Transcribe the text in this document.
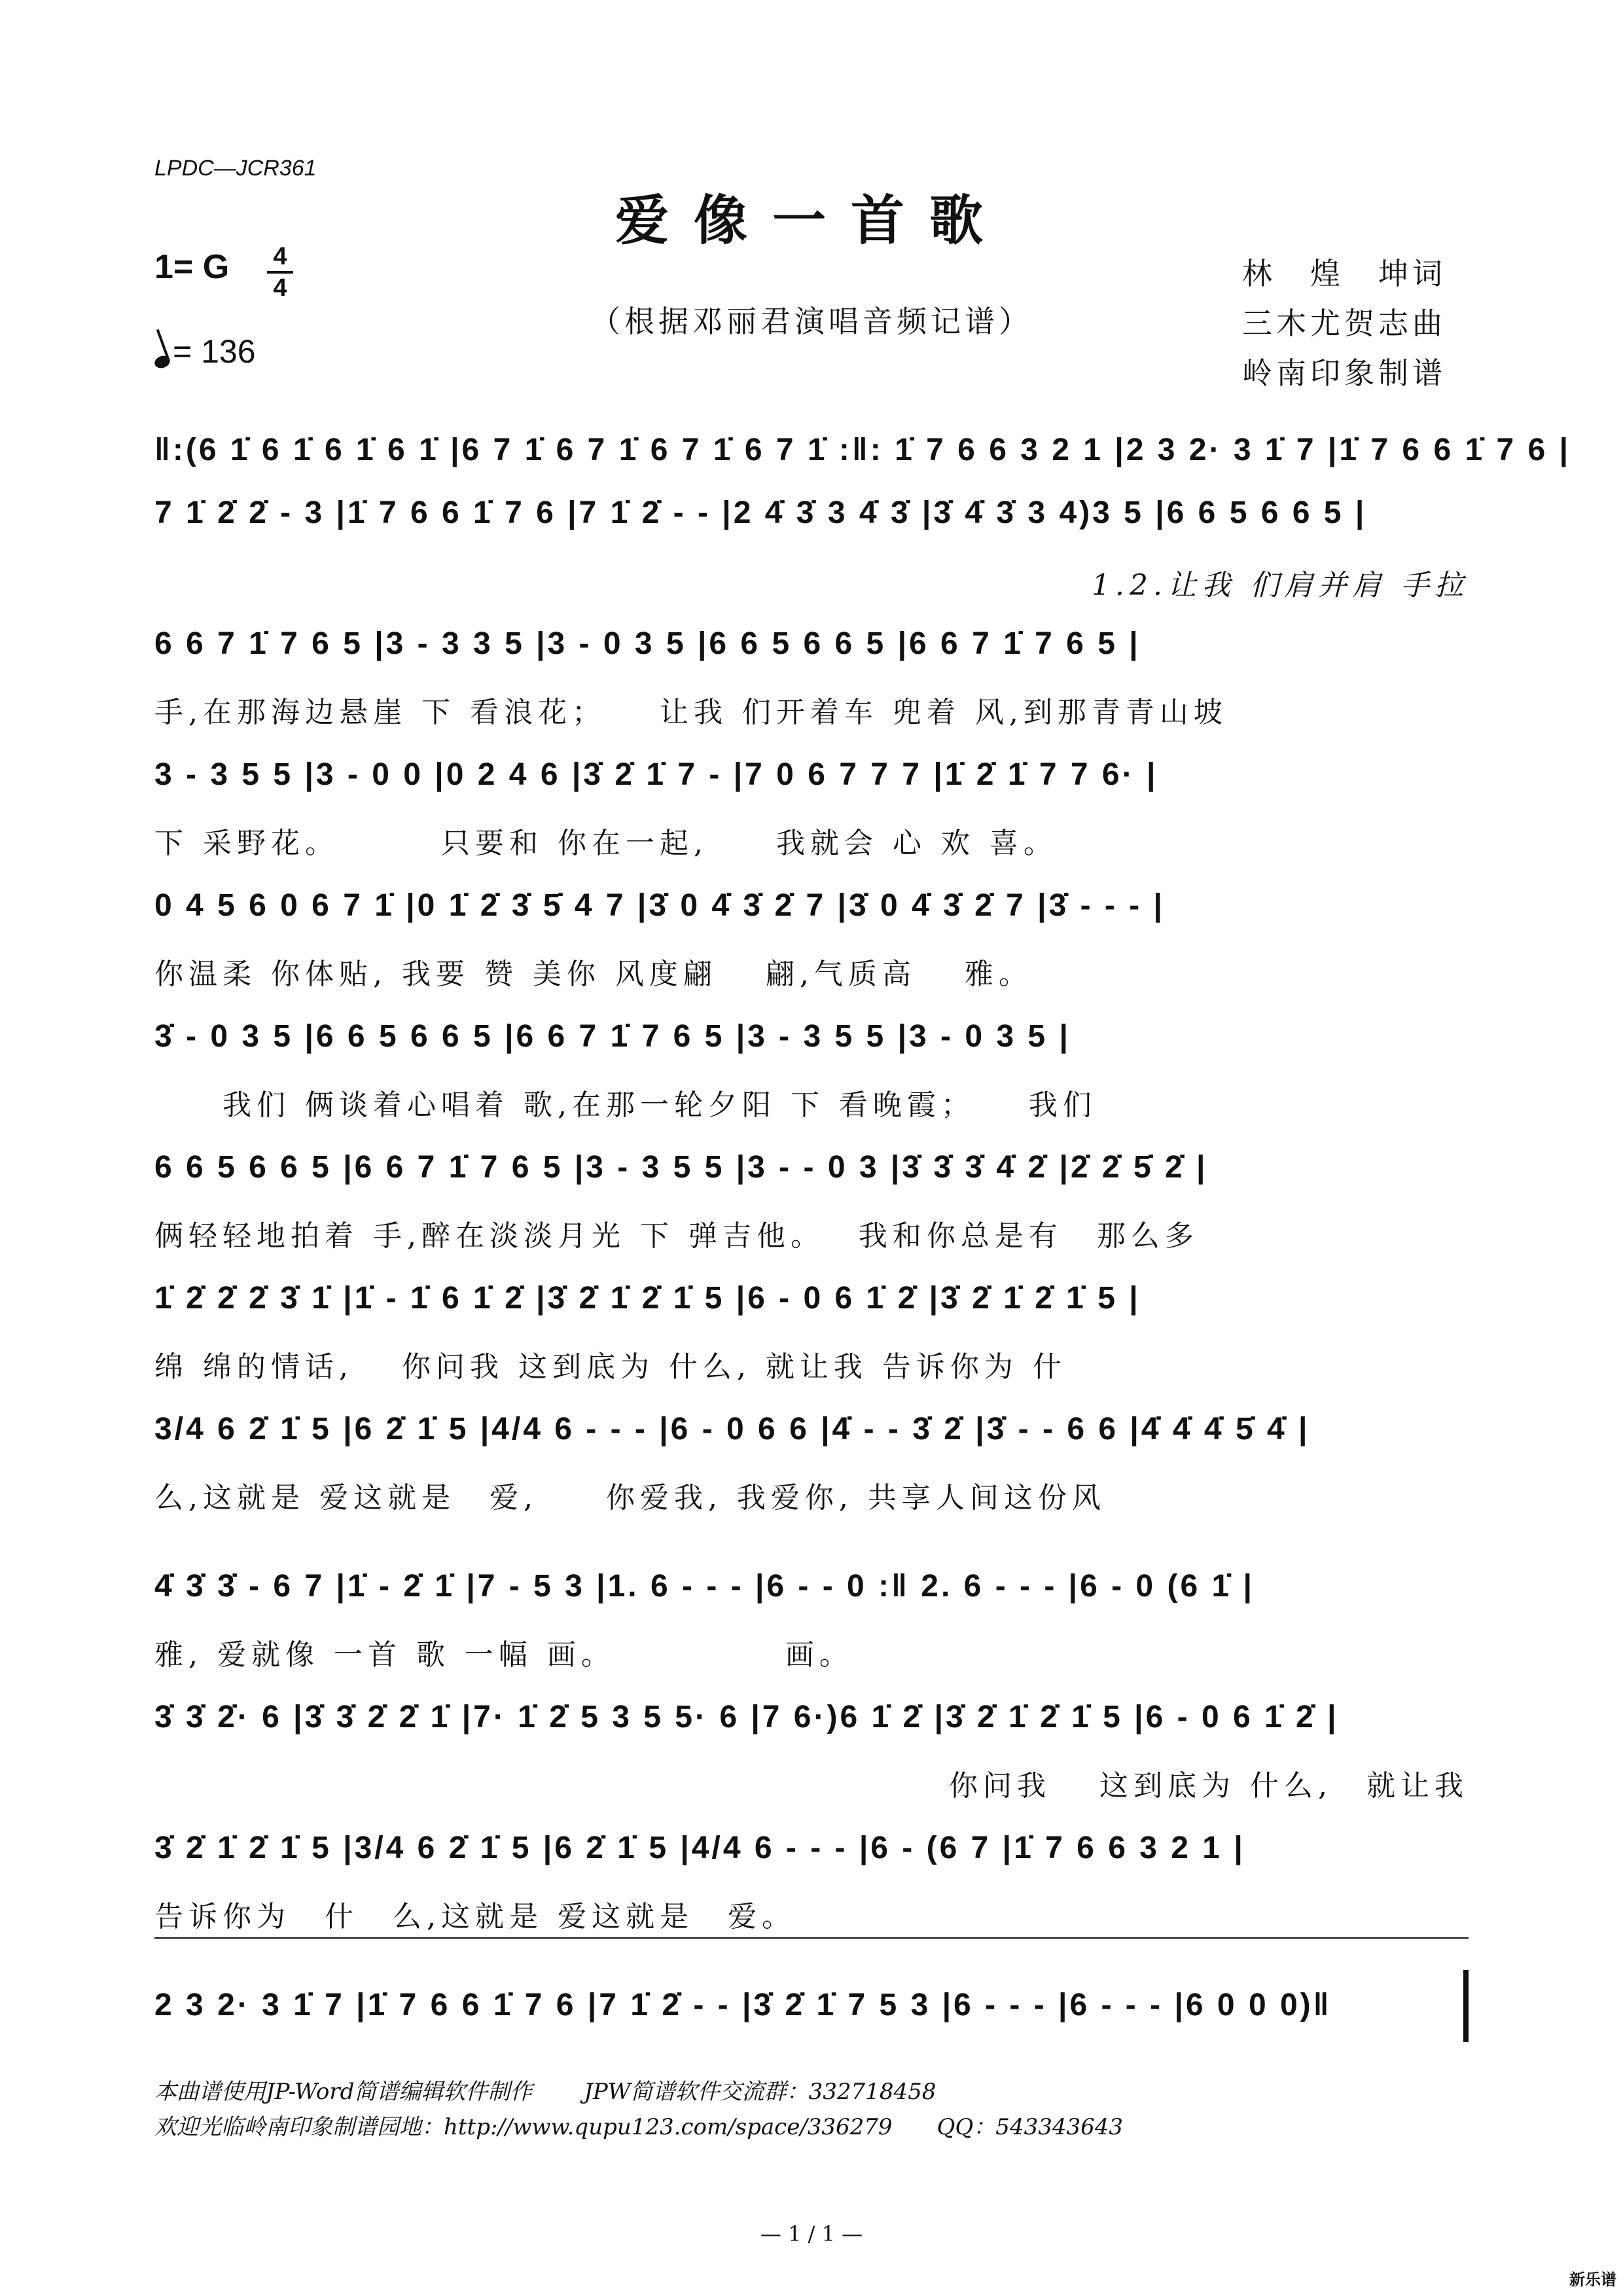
LPDC—JCR361
爱像一首歌
（根据邓丽君演唱音频记谱）
1= G 4
4
= 136
林　煌　坤词
三木尤贺志曲
岭南印象制谱
‖:(6 1̇ 6 1̇ 6 1̇ 6 1̇ |6 7 1̇ 6 7 1̇ 6 7 1̇ 6 7 1̇ :‖: 1̇ 7 6 6 3 2 1 |2 3 2· 3 1̇ 7 |1̇ 7 6 6 1̇ 7 6 |
7 1̇ 2̇ 2̇ - 3 |1̇ 7 6 6 1̇ 7 6 |7 1̇ 2̇ - - |2 4̇ 3̇ 3 4̇ 3̇ |3̇ 4̇ 3̇ 3 4)3 5 |6 6 5 6 6 5 |
1.2.让我 们肩并肩 手拉
6 6 7 1̇ 7 6 5 |3 - 3 3 5 |3 - 0 3 5 |6 6 5 6 6 5 |6 6 7 1̇ 7 6 5 |
手,在那海边悬崖 下 看浪花；　　让我 们开着车 兜着 风,到那青青山坡
3 - 3 5 5 |3 - 0 0 |0 2 4 6 |3̇ 2̇ 1̇ 7 - |7 0 6 7 7 7 |1̇ 2̇ 1̇ 7 7 6· |
下 采野花。　　　 只要和 你在一起,　　我就会 心 欢 喜。
0 4 5 6 0 6 7 1̇ |0 1̇ 2̇ 3̇ 5̇ 4 7 |3̇ 0 4̇ 3̇ 2̇ 7 |3̇ 0 4̇ 3̇ 2̇ 7 |3̇ - - - |
你温柔 你体贴, 我要 赞 美你 风度翩　 翩,气质高　 雅。
3̇ - 0 3 5 |6 6 5 6 6 5 |6 6 7 1̇ 7 6 5 |3 - 3 5 5 |3 - 0 3 5 |
　　我们 俩谈着心唱着 歌,在那一轮夕阳 下 看晚霞；　　我们
6 6 5 6 6 5 |6 6 7 1̇ 7 6 5 |3 - 3 5 5 |3 - - 0 3 |3̇ 3̇ 3̇ 4̇ 2̇ |2̇ 2̇ 5̇ 2̇ |
俩轻轻地拍着 手,醉在淡淡月光 下 弹吉他。　 我和你总是有　那么多
1̇ 2̇ 2̇ 2̇ 3̇ 1̇ |1̇ - 1̇ 6 1̇ 2̇ |3̇ 2̇ 1̇ 2̇ 1̇ 5 |6 - 0 6 1̇ 2̇ |3̇ 2̇ 1̇ 2̇ 1̇ 5 |
绵 绵的情话,　 你问我 这到底为 什么, 就让我 告诉你为 什
3/4 6 2̇ 1̇ 5 |6 2̇ 1̇ 5 |4/4 6 - - - |6 - 0 6 6 |4̇ - - 3̇ 2̇ |3̇ - - 6 6 |4̇ 4̇ 4̇ 5̇ 4̇ |
么,这就是 爱这就是　爱,　　你爱我, 我爱你, 共享人间这份风
4̇ 3̇ 3̇ - 6 7 |1̇ - 2̇ 1̇ |7 - 5 3 |1. 6 - - - |6 - - 0 :‖ 2. 6 - - - |6 - 0 (6 1̇ |
雅, 爱就像 一首 歌 一幅 画。　　　　　 画。
3̇ 3̇ 2̇· 6 |3̇ 3̇ 2̇ 2̇ 1̇ |7· 1̇ 2̇ 5 3 5 5· 6 |7 6·)6 1̇ 2̇ |3̇ 2̇ 1̇ 2̇ 1̇ 5 |6 - 0 6 1̇ 2̇ |
你问我　 这到底为 什么,　就让我
3̇ 2̇ 1̇ 2̇ 1̇ 5 |3/4 6 2̇ 1̇ 5 |6 2̇ 1̇ 5 |4/4 6 - - - |6 - (6 7 |1̇ 7 6 6 3 2 1 |
告诉你为　什　么,这就是 爱这就是　爱。
2 3 2· 3 1̇ 7 |1̇ 7 6 6 1̇ 7 6 |7 1̇ 2̇ - - |3̇ 2̇ 1̇ 7 5 3 |6 - - - |6 - - - |6 0 0 0)‖
本曲谱使用JP-Word简谱编辑软件制作　　 JPW简谱软件交流群：332718458
欢迎光临岭南印象制谱园地：http://www.qupu123.com/space/336279　　QQ：543343643
— 1 / 1 —
新乐谱
